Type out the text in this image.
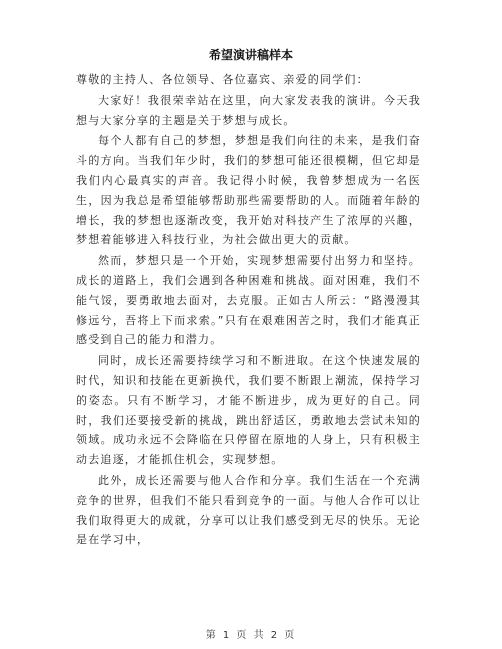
希望演讲稿样本

尊敬的主持人、各位领导、各位嘉宾、亲爱的同学们：

大家好！我很荣幸站在这里，向大家发表我的演讲。今天我想与大家分享的主题是关于梦想与成长。

每个人都有自己的梦想，梦想是我们向往的未来，是我们奋斗的方向。当我们年少时，我们的梦想可能还很模糊，但它却是我们内心最真实的声音。我记得小时候，我曾梦想成为一名医生，因为我总是希望能够帮助那些需要帮助的人。而随着年龄的增长，我的梦想也逐渐改变，我开始对科技产生了浓厚的兴趣，梦想着能够进入科技行业，为社会做出更大的贡献。

然而，梦想只是一个开始，实现梦想需要付出努力和坚持。成长的道路上，我们会遇到各种困难和挑战。面对困难，我们不能气馁，要勇敢地去面对，去克服。正如古人所云：“路漫漫其修远兮，吾将上下而求索。”只有在艰难困苦之时，我们才能真正感受到自己的能力和潜力。

同时，成长还需要持续学习和不断进取。在这个快速发展的时代，知识和技能在更新换代，我们要不断跟上潮流，保持学习的姿态。只有不断学习，才能不断进步，成为更好的自己。同时，我们还要接受新的挑战，跳出舒适区，勇敢地去尝试未知的领域。成功永远不会降临在只停留在原地的人身上，只有积极主动去追逐，才能抓住机会，实现梦想。

此外，成长还需要与他人合作和分享。我们生活在一个充满竞争的世界，但我们不能只看到竞争的一面。与他人合作可以让我们取得更大的成就，分享可以让我们感受到无尽的快乐。无论是在学习中，

第 1 页 共 2 页
